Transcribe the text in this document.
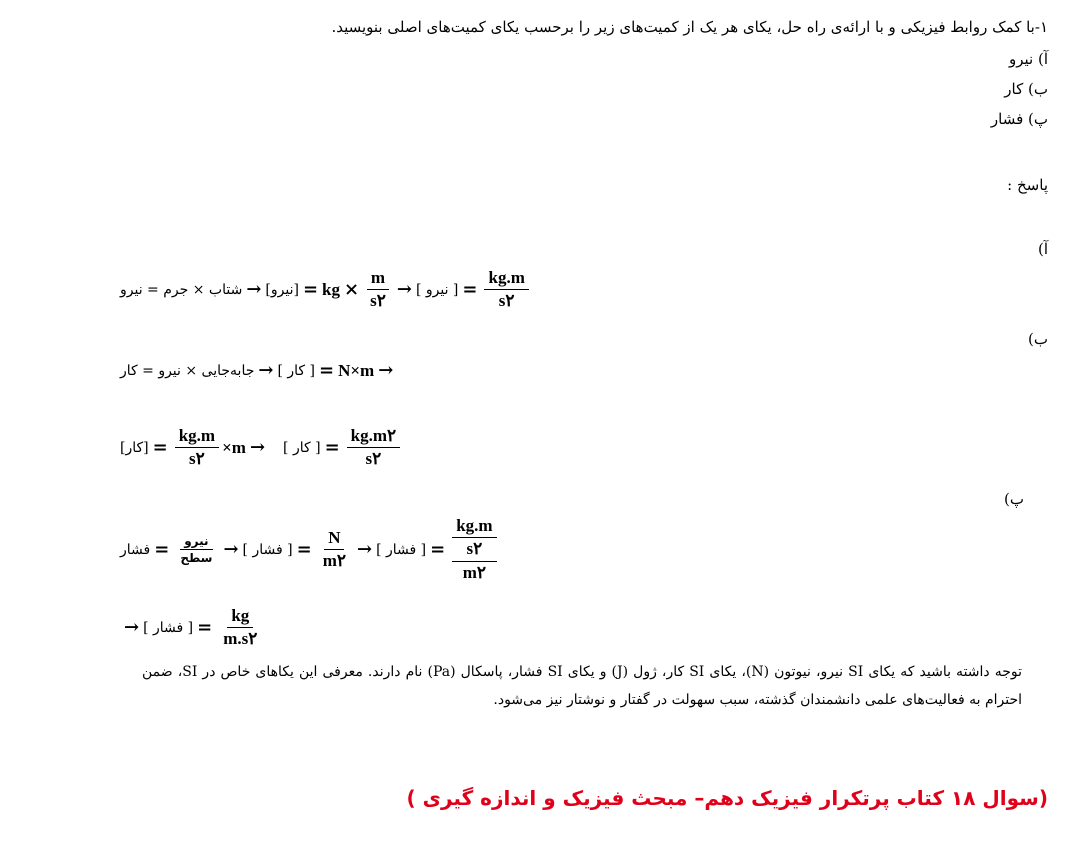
۱-با کمک روابط فیزیکی و با ارائه‌ی راه حل، یکای هر یک از کمیت‌های زیر را برحسب یکای کمیت‌های اصلی بنویسید.
آ) نیرو
ب) کار
پ) فشار
پاسخ :
آ)
شتاب × جرم = نیرو → [نیرو] = kg × $\frac{m}{s۲}$ → [ نیرو ] = $\frac{kg.m}{s۲}$
ب)
جابه‌جایی × نیرو = کار → [ کار ] = N×m →
[کار] = $\frac{kg.m}{s۲} \times m$ → [ کار ] = $\frac{kg.m۲}{s۲}$
پ)
فشار = $\frac{\text{نیرو}}{\text{سطح}}$ → [ فشار ] = $\frac{N}{m۲}$ → [ فشار ] = $\frac{\frac{kg.m}{s۲}}{m۲}$
→ [ فشار ] = $\frac{kg}{m.s۲}$
توجه داشته باشید که یکای SI نیرو، نیوتون (N)، یکای SI کار، ژول (J) و یکای SI فشار، پاسکال (Pa) نام دارند. معرفی این یکاهای خاص در SI، ضمن احترام به فعالیت‌های علمی دانشمندان گذشته، سبب سهولت در گفتار و نوشتار نیز می‌شود.
(سوال ۱۸ کتاب پرتکرار فیزیک دهم– مبحث فیزیک و اندازه گیری )
